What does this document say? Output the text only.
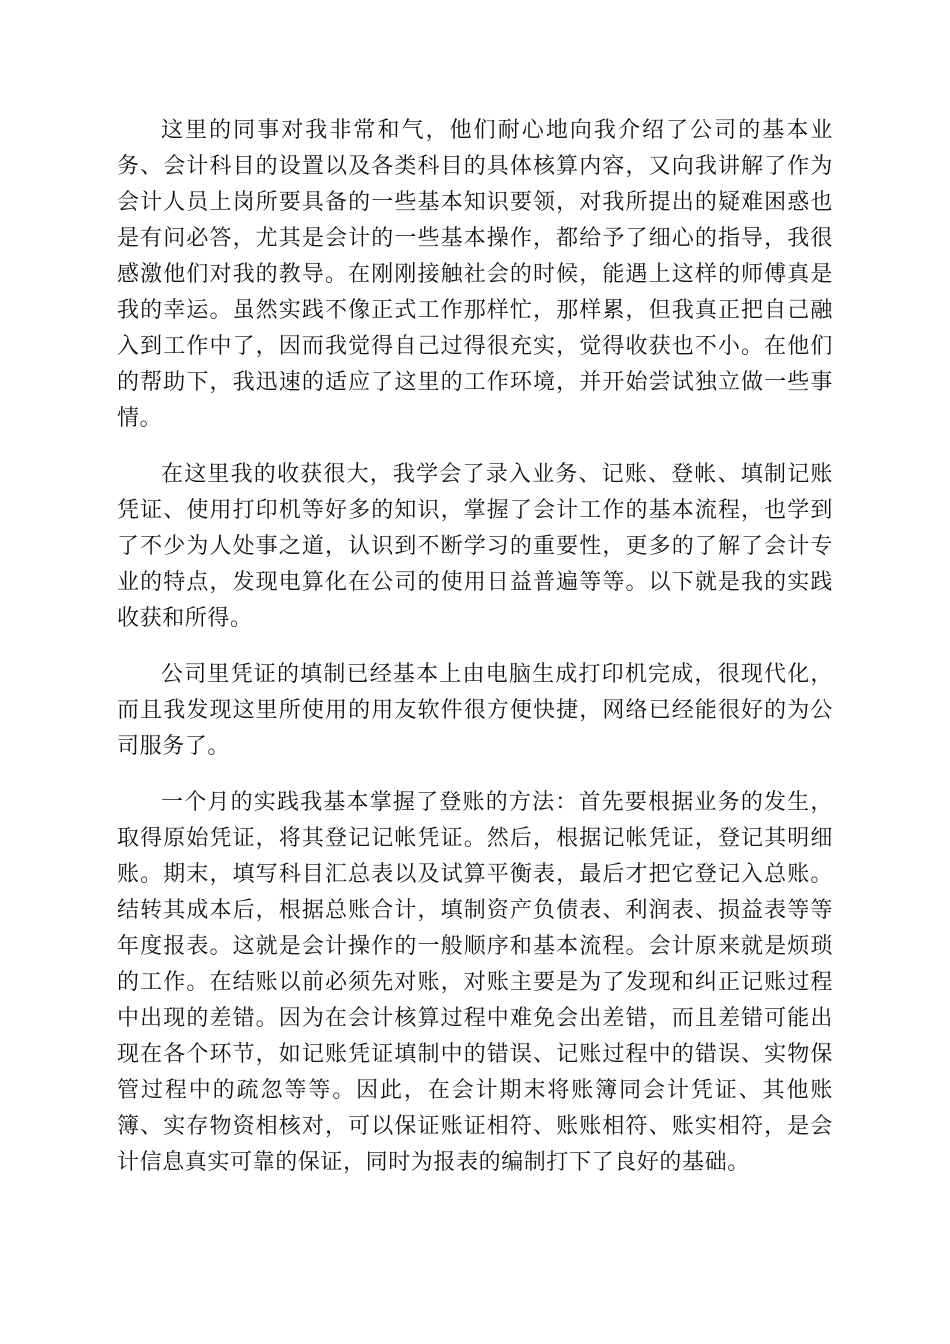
这里的同事对我非常和气，他们耐心地向我介绍了公司的基本业务、会计科目的设置以及各类科目的具体核算内容，又向我讲解了作为会计人员上岗所要具备的一些基本知识要领，对我所提出的疑难困惑也是有问必答，尤其是会计的一些基本操作，都给予了细心的指导，我很感激他们对我的教导。在刚刚接触社会的时候，能遇上这样的师傅真是我的幸运。虽然实践不像正式工作那样忙，那样累，但我真正把自己融入到工作中了，因而我觉得自己过得很充实，觉得收获也不小。在他们的帮助下，我迅速的适应了这里的工作环境，并开始尝试独立做一些事情。

在这里我的收获很大，我学会了录入业务、记账、登帐、填制记账凭证、使用打印机等好多的知识，掌握了会计工作的基本流程，也学到了不少为人处事之道，认识到不断学习的重要性，更多的了解了会计专业的特点，发现电算化在公司的使用日益普遍等等。以下就是我的实践收获和所得。

公司里凭证的填制已经基本上由电脑生成打印机完成，很现代化，而且我发现这里所使用的用友软件很方便快捷，网络已经能很好的为公司服务了。

一个月的实践我基本掌握了登账的方法：首先要根据业务的发生，取得原始凭证，将其登记记帐凭证。然后，根据记帐凭证，登记其明细账。期末，填写科目汇总表以及试算平衡表，最后才把它登记入总账。结转其成本后，根据总账合计，填制资产负债表、利润表、损益表等等年度报表。这就是会计操作的一般顺序和基本流程。会计原来就是烦琐的工作。在结账以前必须先对账，对账主要是为了发现和纠正记账过程中出现的差错。因为在会计核算过程中难免会出差错，而且差错可能出现在各个环节，如记账凭证填制中的错误、记账过程中的错误、实物保管过程中的疏忽等等。因此，在会计期末将账簿同会计凭证、其他账簿、实存物资相核对，可以保证账证相符、账账相符、账实相符，是会计信息真实可靠的保证，同时为报表的编制打下了良好的基础。
